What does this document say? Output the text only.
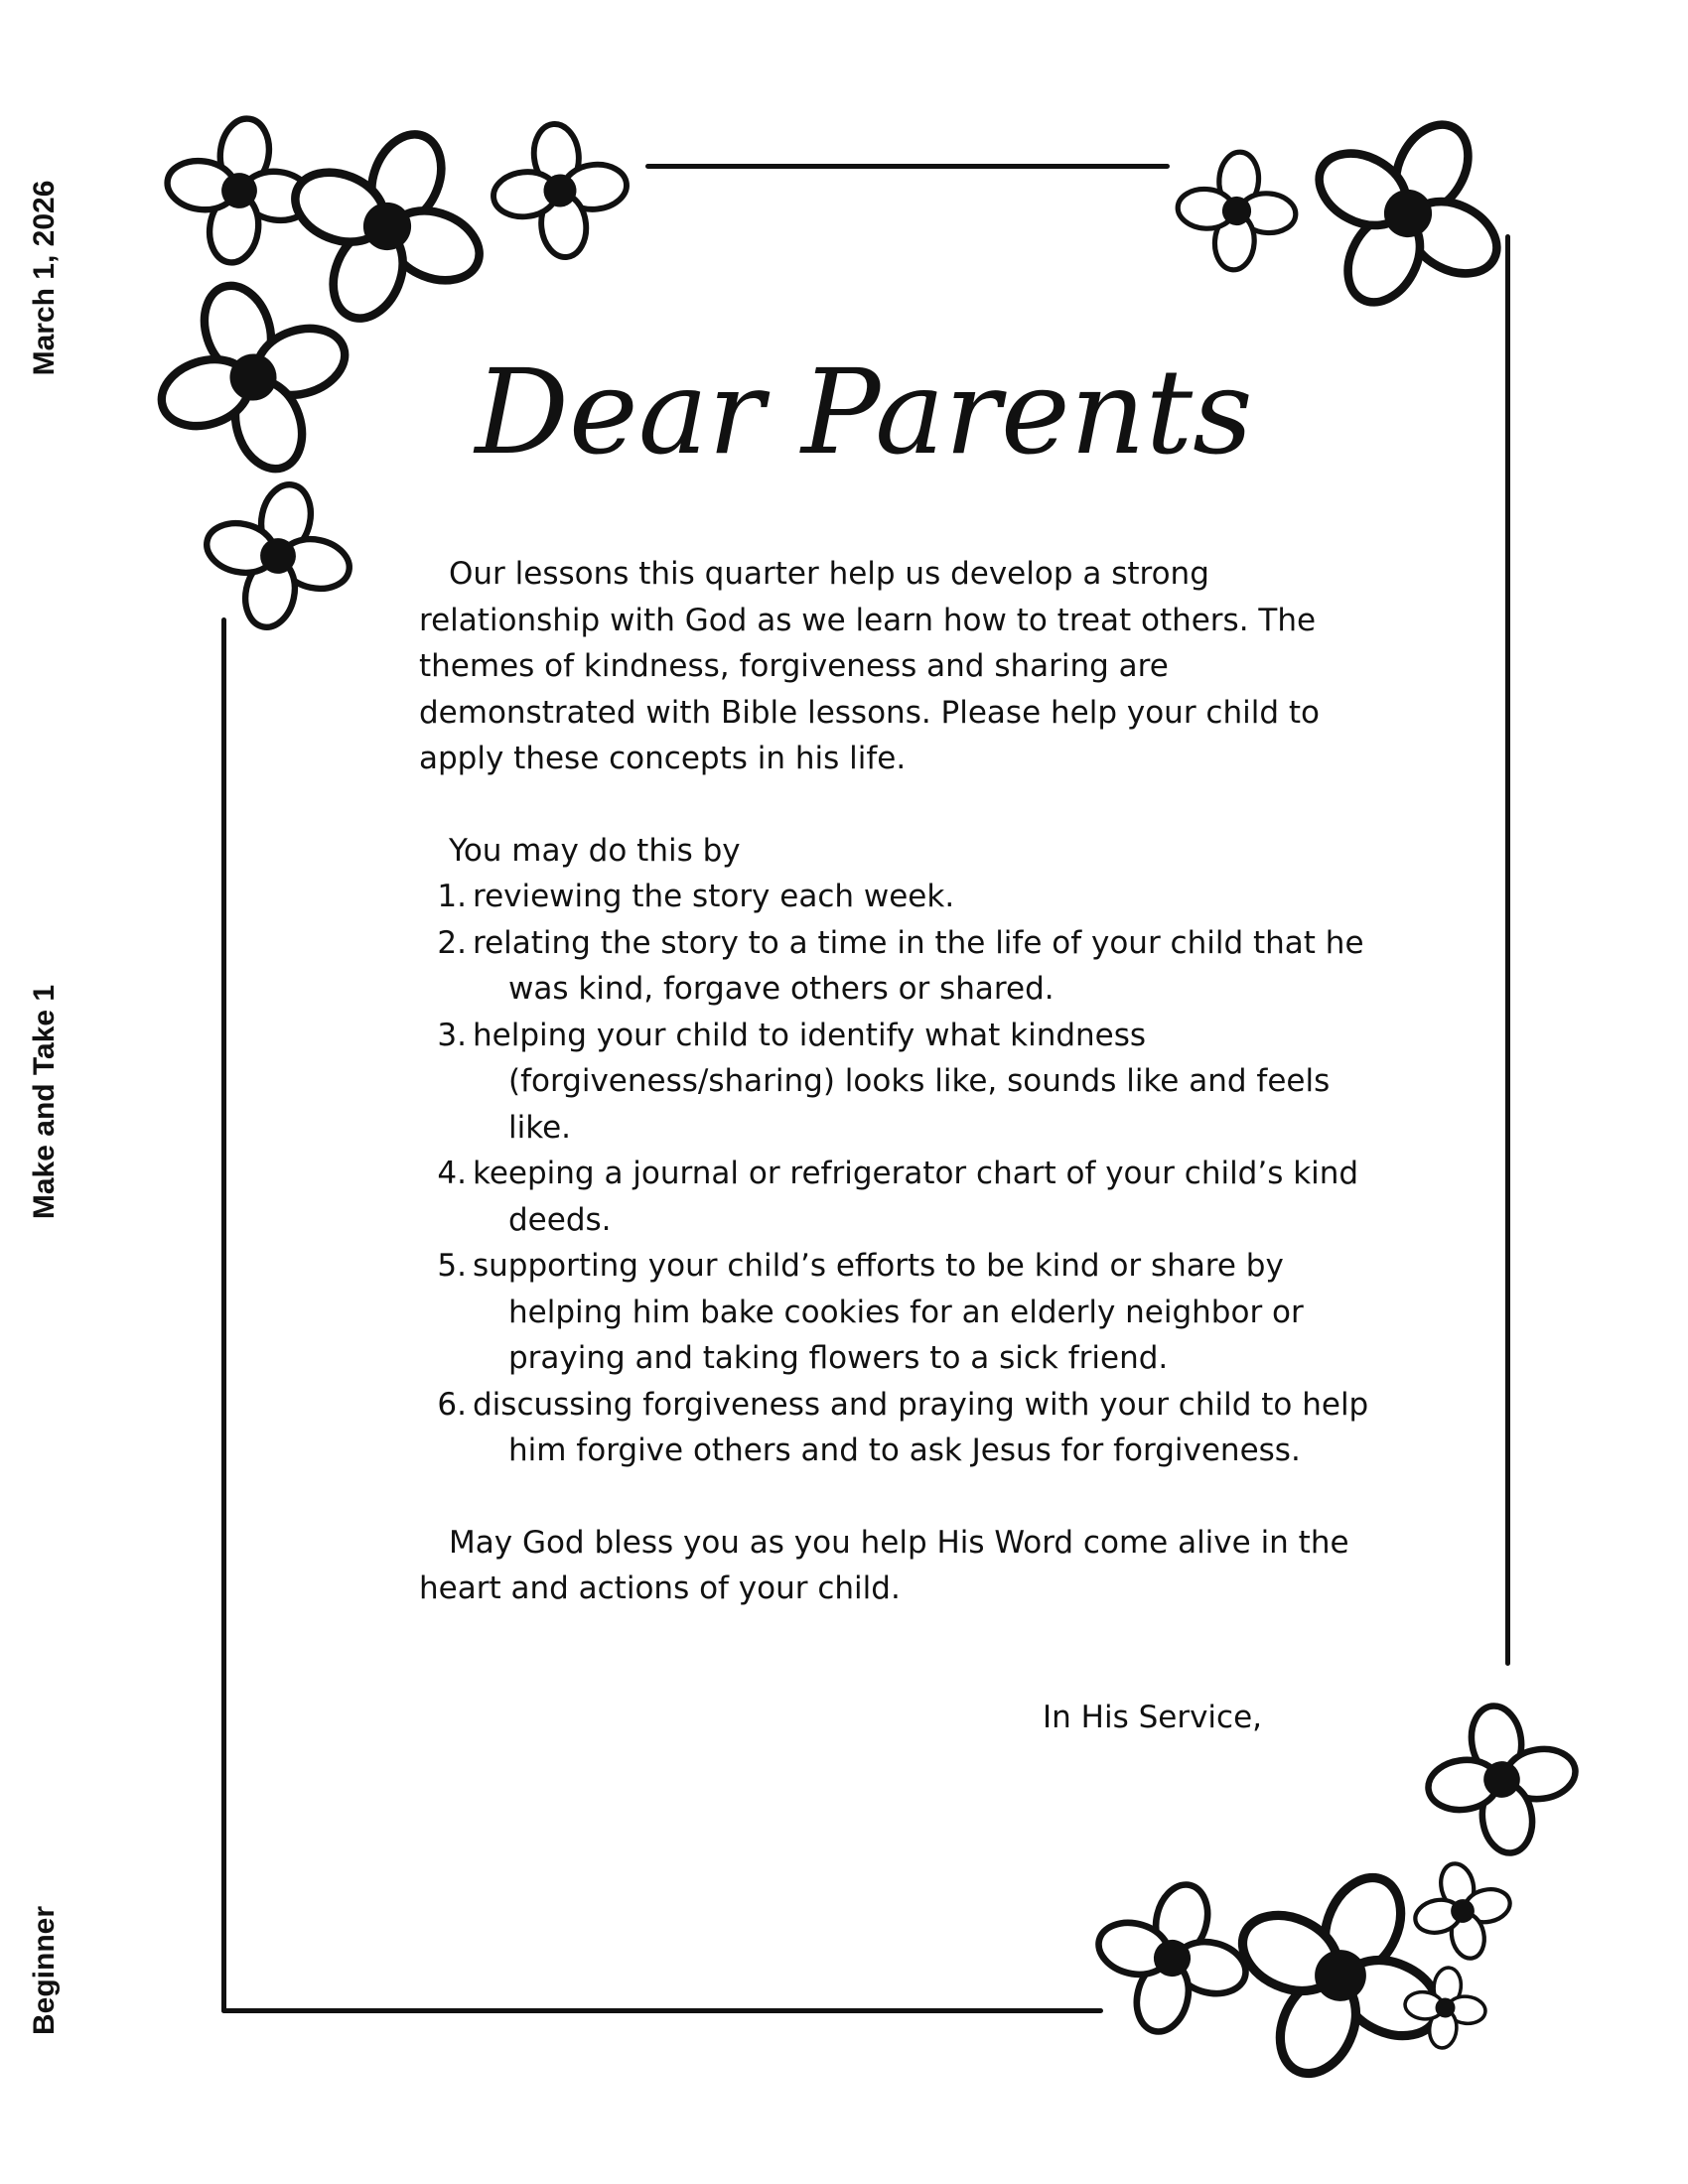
March 1, 2026
Make and Take 1
Beginner
Dear Parents

Our lessons this quarter help us develop a strong relationship with God as we learn how to treat others. The themes of kindness, forgiveness and sharing are demonstrated with Bible lessons. Please help your child to apply these concepts in his life.

You may do this by

1. reviewing the story each week.
2. relating the story to a time in the life of your child that he was kind, forgave others or shared.
3. helping your child to identify what kindness (forgiveness/sharing) looks like, sounds like and feels like.
4. keeping a journal or refrigerator chart of your child’s kind deeds.
5. supporting your child’s efforts to be kind or share by helping him bake cookies for an elderly neighbor or praying and taking flowers to a sick friend.
6. discussing forgiveness and praying with your child to help him forgive others and to ask Jesus for forgiveness.

May God bless you as you help His Word come alive in the heart and actions of your child.

In His Service,
